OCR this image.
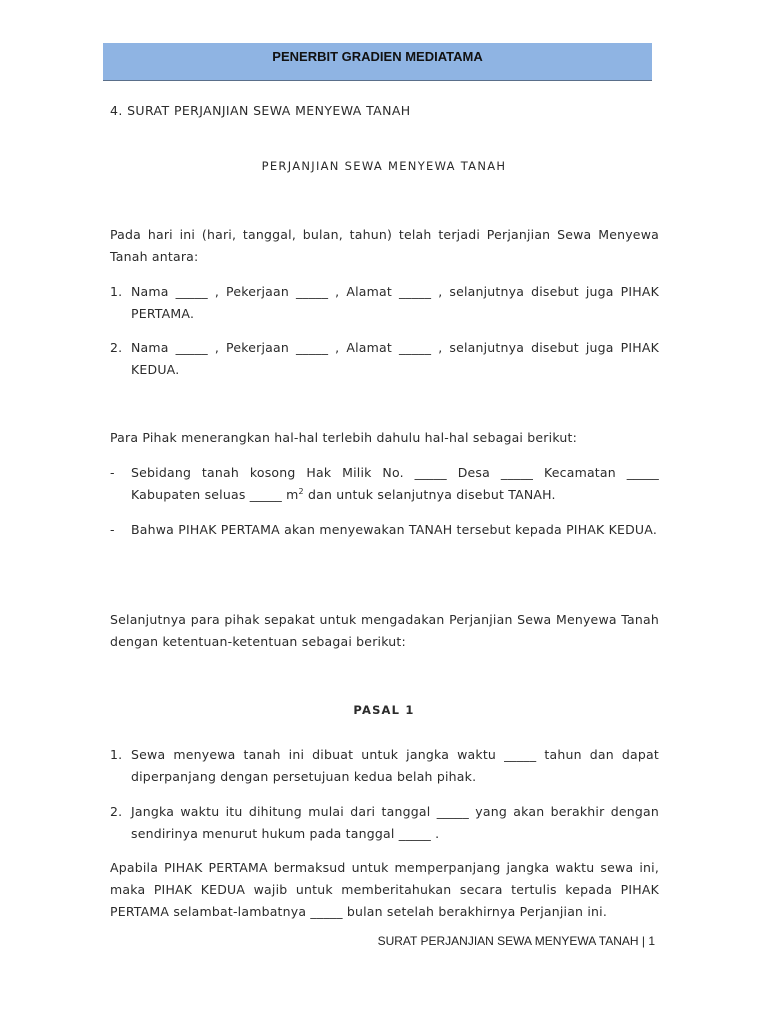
PENERBIT GRADIEN MEDIATAMA
4. SURAT PERJANJIAN SEWA MENYEWA TANAH
PERJANJIAN SEWA MENYEWA TANAH
Pada hari ini (hari, tanggal, bulan, tahun) telah terjadi Perjanjian Sewa Menyewa Tanah antara:
1. Nama _____ , Pekerjaan _____ , Alamat _____ , selanjutnya disebut juga PIHAK PERTAMA.
2. Nama _____ , Pekerjaan _____ , Alamat _____ , selanjutnya disebut juga PIHAK KEDUA.
Para Pihak menerangkan hal-hal terlebih dahulu hal-hal sebagai berikut:
-	Sebidang tanah kosong Hak Milik No. _____ Desa _____ Kecamatan _____ Kabupaten seluas _____ $m^2$ dan untuk selanjutnya disebut TANAH.
-	Bahwa PIHAK PERTAMA akan menyewakan TANAH tersebut kepada PIHAK KEDUA.
Selanjutnya para pihak sepakat untuk mengadakan Perjanjian Sewa Menyewa Tanah dengan ketentuan-ketentuan sebagai berikut:
PASAL 1
1. Sewa menyewa tanah ini dibuat untuk jangka waktu _____ tahun dan dapat diperpanjang dengan persetujuan kedua belah pihak.
2. Jangka waktu itu dihitung mulai dari tanggal _____ yang akan berakhir dengan sendirinya menurut hukum pada tanggal _____ .
Apabila PIHAK PERTAMA bermaksud untuk memperpanjang jangka waktu sewa ini, maka PIHAK KEDUA wajib untuk memberitahukan secara tertulis kepada PIHAK PERTAMA selambat-lambatnya _____ bulan setelah berakhirnya Perjanjian ini.
SURAT PERJANJIAN SEWA MENYEWA TANAH | 1
